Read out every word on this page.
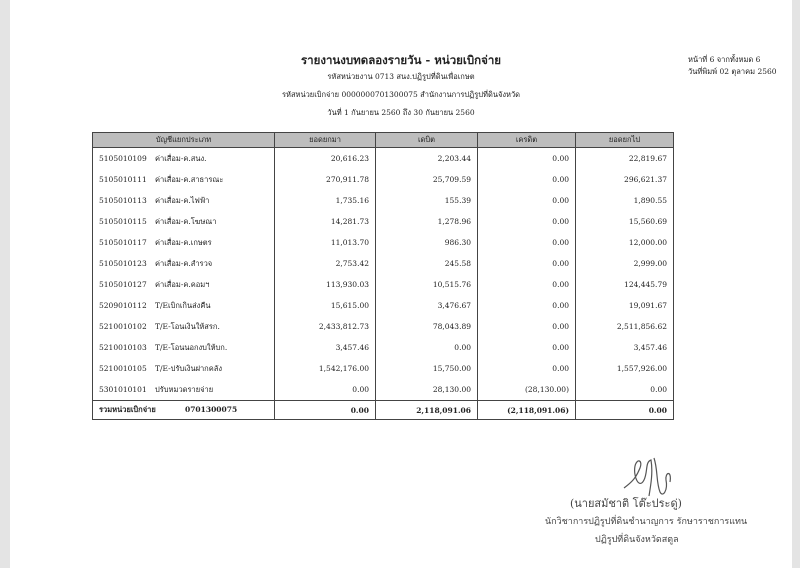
รายงานงบทดลองรายวัน - หน่วยเบิกจ่าย
รหัสหน่วยงาน 0713 สนง.ปฏิรูปที่ดินเพื่อเกษต
รหัสหน่วยเบิกจ่าย 0000000701300075 สำนักงานการปฏิรูปที่ดินจังหวัด
วันที่ 1 กันยายน 2560 ถึง 30 กันยายน 2560
หน้าที่ 6 จากทั้งหมด 6
วันที่พิมพ์ 02 ตุลาคม 2560
บัญชีแยกประเภท	ยอดยกมา	เดบิต	เครดิต	ยอดยกไป
5105010109 ค่าเสื่อม-ค.สนง.	20,616.23	2,203.44	0.00	22,819.67
5105010111 ค่าเสื่อม-ค.สาธารณะ	270,911.78	25,709.59	0.00	296,621.37
5105010113 ค่าเสื่อม-ค.ไฟฟ้า	1,735.16	155.39	0.00	1,890.55
5105010115 ค่าเสื่อม-ค.โฆษณา	14,281.73	1,278.96	0.00	15,560.69
5105010117 ค่าเสื่อม-ค.เกษตร	11,013.70	986.30	0.00	12,000.00
5105010123 ค่าเสื่อม-ค.สำรวจ	2,753.42	245.58	0.00	2,999.00
5105010127 ค่าเสื่อม-ค.คอมฯ	113,930.03	10,515.76	0.00	124,445.79
5209010112 T/Eเบิกเกินส่งคืน	15,615.00	3,476.67	0.00	19,091.67
5210010102 T/E-โอนเงินให้สรก.	2,433,812.73	78,043.89	0.00	2,511,856.62
5210010103 T/E-โอนนอกงบให้บก.	3,457.46	0.00	0.00	3,457.46
5210010105 T/E-ปรับเงินฝากคลัง	1,542,176.00	15,750.00	0.00	1,557,926.00
5301010101 ปรับหมวดรายจ่าย	0.00	28,130.00	(28,130.00)	0.00
รวมหน่วยเบิกจ่าย 0701300075	0.00	2,118,091.06	(2,118,091.06)	0.00
(นายสมัชาติ โต๊ะประดู่)
นักวิชาการปฏิรูปที่ดินชำนาญการ รักษาราชการแทน
ปฏิรูปที่ดินจังหวัดสตูล
